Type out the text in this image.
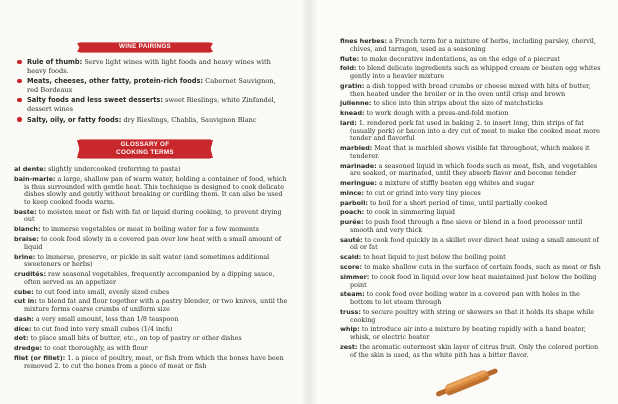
WINE PAIRINGS
Rule of thumb: Serve light wines with light foods and heavy wines with heavy foods.
Meats, cheeses, other fatty, protein-rich foods: Cabernet Sauvignon, red Bordeaux
Salty foods and less sweet desserts: sweet Rieslings, white Zinfandel, dessert wines
Salty, oily, or fatty foods: dry Rieslings, Chablis, Sauvignon Blanc
GLOSSARY OF
COOKING TERMS
al dente: slightly undercooked (referring to pasta)
bain-marie: a large, shallow pan of warm water, holding a container of food, which is thus surrounded with gentle heat. This technique is designed to cook delicate dishes slowly and gently without breaking or curdling them. It can also be used to keep cooked foods warm.
baste: to moisten meat or fish with fat or liquid during cooking, to prevent drying out
blanch: to immerse vegetables or meat in boiling water for a few moments
braise: to cook food slowly in a covered pan over low heat with a small amount of liquid
brine: to immerse, preserve, or pickle in salt water (and sometimes additional sweeteners or herbs)
crudités: raw seasonal vegetables, frequently accompanied by a dipping sauce, often served as an appetizer
cube: to cut food into small, evenly sized cubes
cut in: to blend fat and flour together with a pastry blender, or two knives, until the mixture forms coarse crumbs of uniform size
dash: a very small amount, less than 1/8 teaspoon
dice: to cut food into very small cubes (1/4 inch)
dot: to place small bits of butter, etc., on top of pastry or other dishes
dredge: to coat thoroughly, as with flour
filet (or fillet): 1. a piece of poultry, meat, or fish from which the bones have been removed 2. to cut the bones from a piece of meat or fish
fines herbes: a French term for a mixture of herbs, including parsley, chervil, chives, and tarragon, used as a seasoning
flute: to make decorative indentations, as on the edge of a piecrust
fold: to blend delicate ingredients such as whipped cream or beaten egg whites gently into a heavier mixture
gratin: a dish topped with bread crumbs or cheese mixed with bits of butter, then heated under the broiler or in the oven until crisp and brown
julienne: to slice into thin strips about the size of matchsticks
knead: to work dough with a press-and-fold motion
lard: 1. rendered pork fat used in baking 2. to insert long, thin strips of fat (usually pork) or bacon into a dry cut of meat to make the cooked meat more tender and flavorful
marbled: Meat that is marbled shows visible fat throughout, which makes it tenderer.
marinade: a seasoned liquid in which foods such as meat, fish, and vegetables are soaked, or marinated, until they absorb flavor and become tender
meringue: a mixture of stiffly beaten egg whites and sugar
mince: to cut or grind into very tiny pieces
parboil: to boil for a short period of time, until partially cooked
poach: to cook in simmering liquid
purée: to push food through a fine sieve or blend in a food processor until smooth and very thick
sauté: to cook food quickly in a skillet over direct heat using a small amount of oil or fat
scald: to heat liquid to just below the boiling point
score: to make shallow cuts in the surface of certain foods, such as meat or fish
simmer: to cook food in liquid over low heat maintained just below the boiling point
steam: to cook food over boiling water in a covered pan with holes in the bottom to let steam through
truss: to secure poultry with string or skewers so that it holds its shape while cooking
whip: to introduce air into a mixture by beating rapidly with a hand beater, whisk, or electric beater
zest: the aromatic outermost skin layer of citrus fruit. Only the colored portion of the skin is used, as the white pith has a bitter flavor.
